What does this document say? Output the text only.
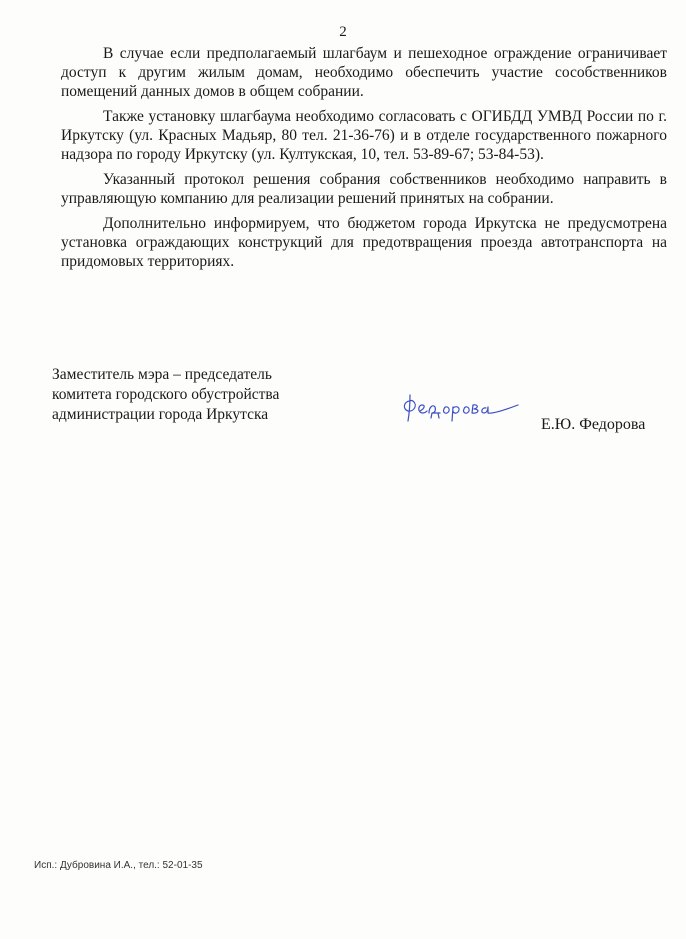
2

В случае если предполагаемый шлагбаум и пешеходное ограждение ограничивает доступ к другим жилым домам, необходимо обеспечить участие сособственников помещений данных домов в общем собрании.

Также установку шлагбаума необходимо согласовать с ОГИБДД УМВД России по г. Иркутску (ул. Красных Мадьяр, 80 тел. 21-36-76) и в отделе государственного пожарного надзора по городу Иркутску (ул. Култукская, 10, тел. 53-89-67; 53-84-53).

Указанный протокол решения собрания собственников необходимо направить в управляющую компанию для реализации решений принятых на собрании.

Дополнительно информируем, что бюджетом города Иркутска не предусмотрена установка ограждающих конструкций для предотвращения проезда автотранспорта на придомовых территориях.

Заместитель мэра – председатель
комитета городского обустройства
администрации города Иркутска
Е.Ю. Федорова
Исп.: Дубровина И.А., тел.: 52-01-35
